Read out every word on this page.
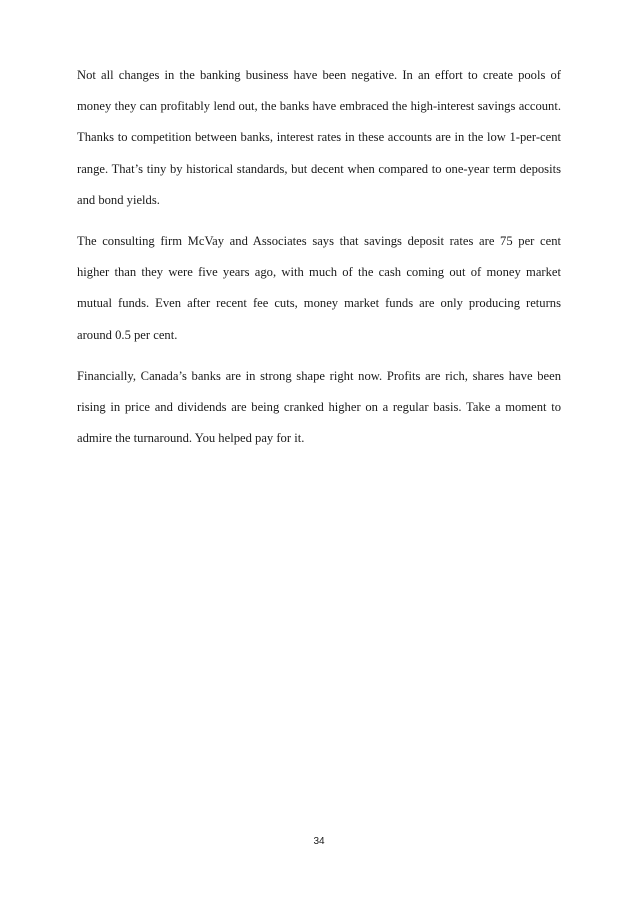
Not all changes in the banking business have been negative. In an effort to create pools of money they can profitably lend out, the banks have embraced the high-interest savings account. Thanks to competition between banks, interest rates in these accounts are in the low 1-per-cent range. That’s tiny by historical standards, but decent when compared to one-year term deposits and bond yields.

The consulting firm McVay and Associates says that savings deposit rates are 75 per cent higher than they were five years ago, with much of the cash coming out of money market mutual funds. Even after recent fee cuts, money market funds are only producing returns around 0.5 per cent.

Financially, Canada’s banks are in strong shape right now. Profits are rich, shares have been rising in price and dividends are being cranked higher on a regular basis. Take a moment to admire the turnaround. You helped pay for it.

34
